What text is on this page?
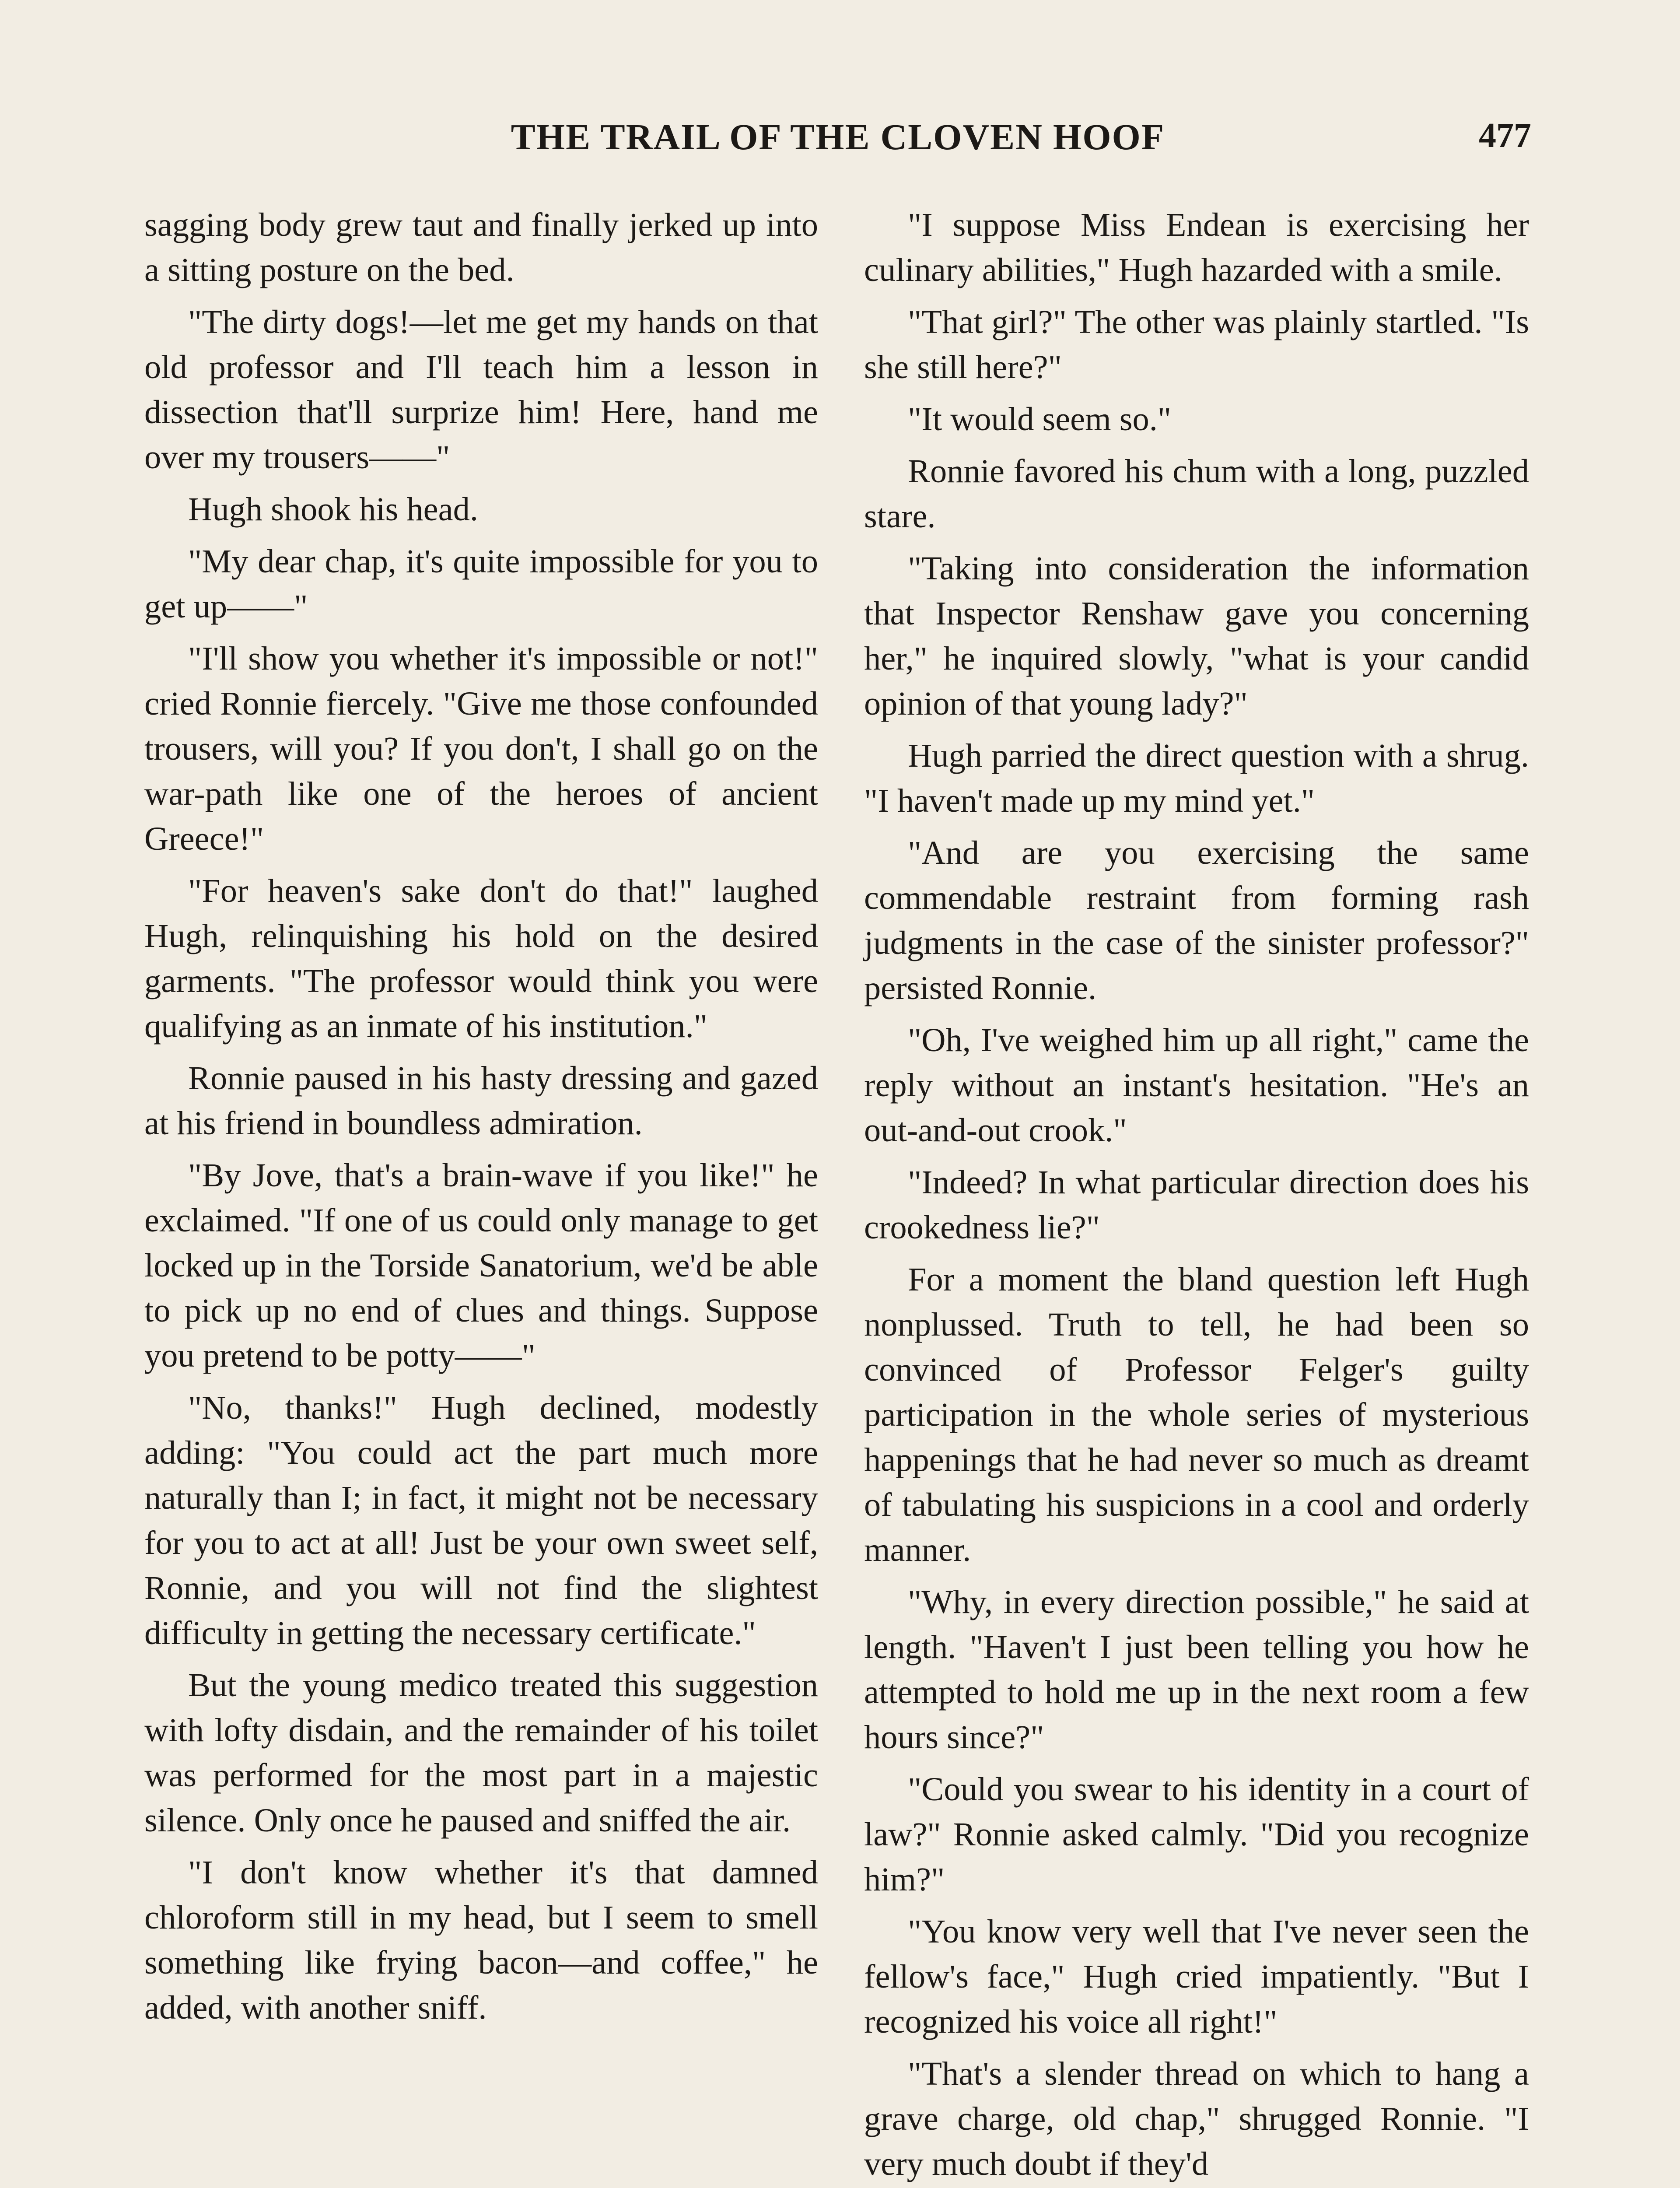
THE TRAIL OF THE CLOVEN HOOF	477

sagging body grew taut and finally jerked up into a sitting posture on the bed.

"The dirty dogs!—let me get my hands on that old professor and I'll teach him a lesson in dissection that'll surprize him! Here, hand me over my trousers——"

Hugh shook his head.

"My dear chap, it's quite impossible for you to get up——"

"I'll show you whether it's impossible or not!" cried Ronnie fiercely. "Give me those confounded trousers, will you? If you don't, I shall go on the war-path like one of the heroes of ancient Greece!"

"For heaven's sake don't do that!" laughed Hugh, relinquishing his hold on the desired garments. "The professor would think you were qualifying as an inmate of his institution."

Ronnie paused in his hasty dressing and gazed at his friend in boundless admiration.

"By Jove, that's a brain-wave if you like!" he exclaimed. "If one of us could only manage to get locked up in the Torside Sanatorium, we'd be able to pick up no end of clues and things. Suppose you pretend to be potty——"

"No, thanks!" Hugh declined, modestly adding: "You could act the part much more naturally than I; in fact, it might not be necessary for you to act at all! Just be your own sweet self, Ronnie, and you will not find the slightest difficulty in getting the necessary certificate."

But the young medico treated this suggestion with lofty disdain, and the remainder of his toilet was performed for the most part in a majestic silence. Only once he paused and sniffed the air.

"I don't know whether it's that damned chloroform still in my head, but I seem to smell something like frying bacon—and coffee," he added, with another sniff.

"I suppose Miss Endean is exercising her culinary abilities," Hugh hazarded with a smile.

"That girl?" The other was plainly startled. "Is she still here?"

"It would seem so."

Ronnie favored his chum with a long, puzzled stare.

"Taking into consideration the information that Inspector Renshaw gave you concerning her," he inquired slowly, "what is your candid opinion of that young lady?"

Hugh parried the direct question with a shrug. "I haven't made up my mind yet."

"And are you exercising the same commendable restraint from forming rash judgments in the case of the sinister professor?" persisted Ronnie.

"Oh, I've weighed him up all right," came the reply without an instant's hesitation. "He's an out-and-out crook."

"Indeed? In what particular direction does his crookedness lie?"

For a moment the bland question left Hugh nonplussed. Truth to tell, he had been so convinced of Professor Felger's guilty participation in the whole series of mysterious happenings that he had never so much as dreamt of tabulating his suspicions in a cool and orderly manner.

"Why, in every direction possible," he said at length. "Haven't I just been telling you how he attempted to hold me up in the next room a few hours since?"

"Could you swear to his identity in a court of law?" Ronnie asked calmly. "Did you recognize him?"

"You know very well that I've never seen the fellow's face," Hugh cried impatiently. "But I recognized his voice all right!"

"That's a slender thread on which to hang a grave charge, old chap," shrugged Ronnie. "I very much doubt if they'd
